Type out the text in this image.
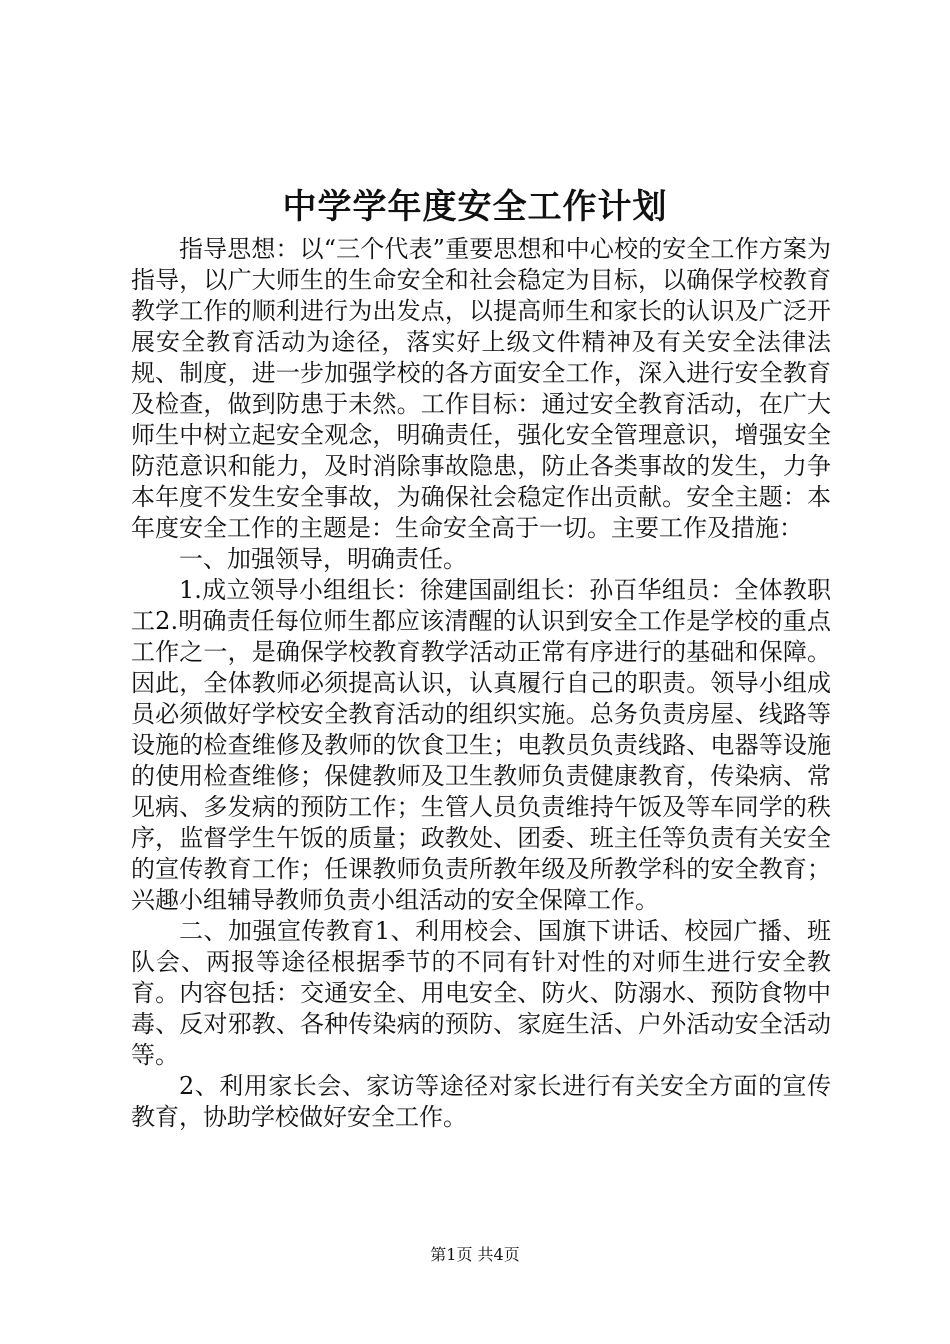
中学学年度安全工作计划

指导思想：以“三个代表”重要思想和中心校的安全工作方案为指导，以广大师生的生命安全和社会稳定为目标，以确保学校教育教学工作的顺利进行为出发点，以提高师生和家长的认识及广泛开展安全教育活动为途径，落实好上级文件精神及有关安全法律法规、制度，进一步加强学校的各方面安全工作，深入进行安全教育及检查，做到防患于未然。工作目标：通过安全教育活动，在广大师生中树立起安全观念，明确责任，强化安全管理意识，增强安全防范意识和能力，及时消除事故隐患，防止各类事故的发生，力争本年度不发生安全事故，为确保社会稳定作出贡献。安全主题：本年度安全工作的主题是：生命安全高于一切。主要工作及措施：

一、加强领导，明确责任。

1.成立领导小组组长：徐建国副组长：孙百华组员：全体教职工2.明确责任每位师生都应该清醒的认识到安全工作是学校的重点工作之一，是确保学校教育教学活动正常有序进行的基础和保障。因此，全体教师必须提高认识，认真履行自己的职责。领导小组成员必须做好学校安全教育活动的组织实施。总务负责房屋、线路等设施的检查维修及教师的饮食卫生；电教员负责线路、电器等设施的使用检查维修；保健教师及卫生教师负责健康教育，传染病、常见病、多发病的预防工作；生管人员负责维持午饭及等车同学的秩序，监督学生午饭的质量；政教处、团委、班主任等负责有关安全的宣传教育工作；任课教师负责所教年级及所教学科的安全教育；兴趣小组辅导教师负责小组活动的安全保障工作。

二、加强宣传教育1、利用校会、国旗下讲话、校园广播、班队会、两报等途径根据季节的不同有针对性的对师生进行安全教育。内容包括：交通安全、用电安全、防火、防溺水、预防食物中毒、反对邪教、各种传染病的预防、家庭生活、户外活动安全活动等。

2、利用家长会、家访等途径对家长进行有关安全方面的宣传教育，协助学校做好安全工作。

第1页 共4页
